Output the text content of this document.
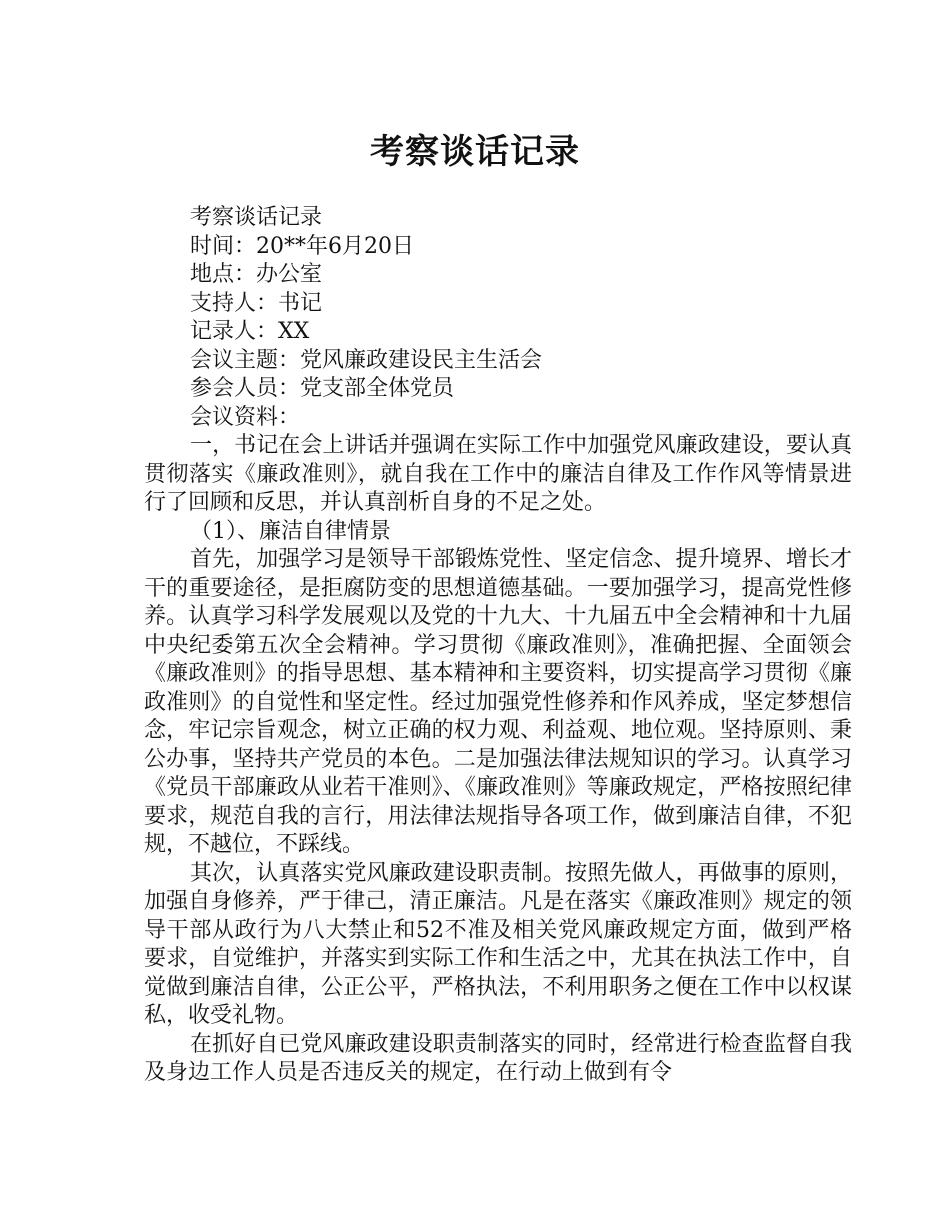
考察谈话记录

考察谈话记录

时间：20**年6月20日

地点：办公室

支持人：书记

记录人：XX

会议主题：党风廉政建设民主生活会

参会人员：党支部全体党员

会议资料：

一，书记在会上讲话并强调在实际工作中加强党风廉政建设，要认真贯彻落实《廉政准则》，就自我在工作中的廉洁自律及工作作风等情景进行了回顾和反思，并认真剖析自身的不足之处。

（1）、廉洁自律情景

首先，加强学习是领导干部锻炼党性、坚定信念、提升境界、增长才干的重要途径，是拒腐防变的思想道德基础。一要加强学习，提高党性修养。认真学习科学发展观以及党的十九大、十九届五中全会精神和十九届中央纪委第五次全会精神。学习贯彻《廉政准则》，准确把握、全面领会《廉政准则》的指导思想、基本精神和主要资料，切实提高学习贯彻《廉政准则》的自觉性和坚定性。经过加强党性修养和作风养成，坚定梦想信念，牢记宗旨观念，树立正确的权力观、利益观、地位观。坚持原则、秉公办事，坚持共产党员的本色。二是加强法律法规知识的学习。认真学习《党员干部廉政从业若干准则》、《廉政准则》等廉政规定，严格按照纪律要求，规范自我的言行，用法律法规指导各项工作，做到廉洁自律，不犯规，不越位，不踩线。

其次，认真落实党风廉政建设职责制。按照先做人，再做事的原则，加强自身修养，严于律己，清正廉洁。凡是在落实《廉政准则》规定的领导干部从政行为八大禁止和52不准及相关党风廉政规定方面，做到严格要求，自觉维护，并落实到实际工作和生活之中，尤其在执法工作中，自觉做到廉洁自律，公正公平，严格执法，不利用职务之便在工作中以权谋私，收受礼物。

在抓好自已党风廉政建设职责制落实的同时，经常进行检查监督自我及身边工作人员是否违反关的规定，在行动上做到有令
